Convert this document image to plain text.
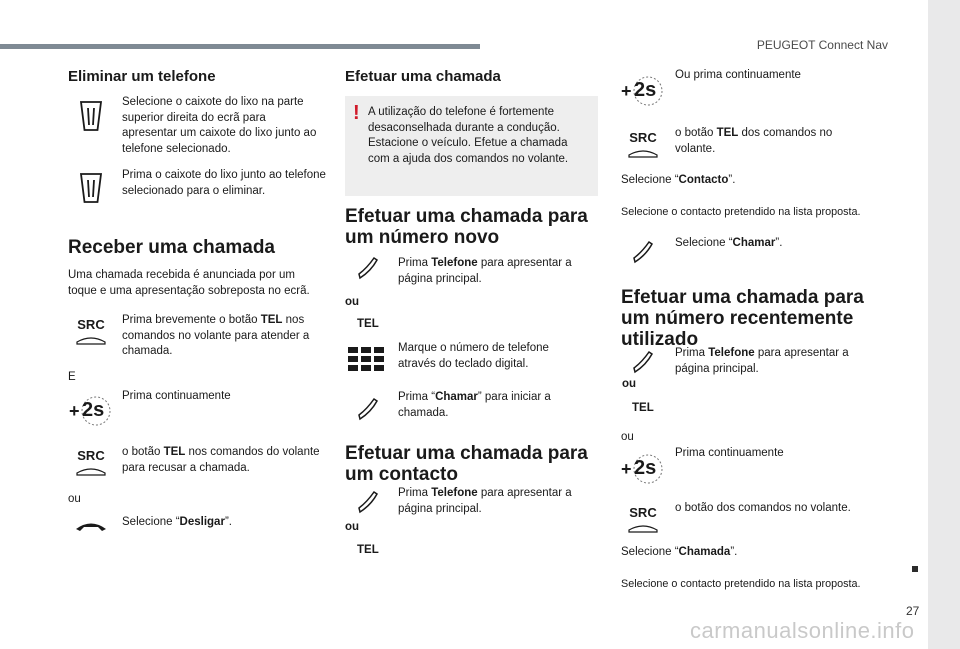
PEUGEOT Connect Nav
27
carmanualsonline.info
Eliminar um telefone
Selecione o caixote do lixo na parte superior direita do ecrã para apresentar um caixote do lixo junto ao telefone selecionado.
Prima o caixote do lixo junto ao telefone selecionado para o eliminar.
Receber uma chamada
Uma chamada recebida é anunciada por um toque e uma apresentação sobreposta no ecrã.
SRC Prima brevemente o botão TEL nos comandos no volante para atender a chamada.
E
+ 2s
Prima continuamente
SRC o botão TEL nos comandos do volante para recusar a chamada.
ou
Selecione “Desligar”.
Efetuar uma chamada
! A utilização do telefone é fortemente desaconselhada durante a condução. Estacione o veículo. Efetue a chamada com a ajuda dos comandos no volante.
Efetuar uma chamada para um número novo
ou
TEL
Prima Telefone para apresentar a página principal.
Marque o número de telefone através do teclado digital.
Prima “Chamar” para iniciar a chamada.
Efetuar uma chamada para um contacto
ou
TEL
Prima Telefone para apresentar a página principal.
+ 2s
Ou prima continuamente
SRC o botão TEL dos comandos no volante.
Selecione “Contacto”.
Selecione o contacto pretendido na lista proposta.
Selecione “Chamar”.
Efetuar uma chamada para um número recentemente utilizado
ou
TEL
Prima Telefone para apresentar a página principal.
ou
+ 2s
Prima continuamente
SRC o botão dos comandos no volante.
Selecione “Chamada”.
Selecione o contacto pretendido na lista proposta.
